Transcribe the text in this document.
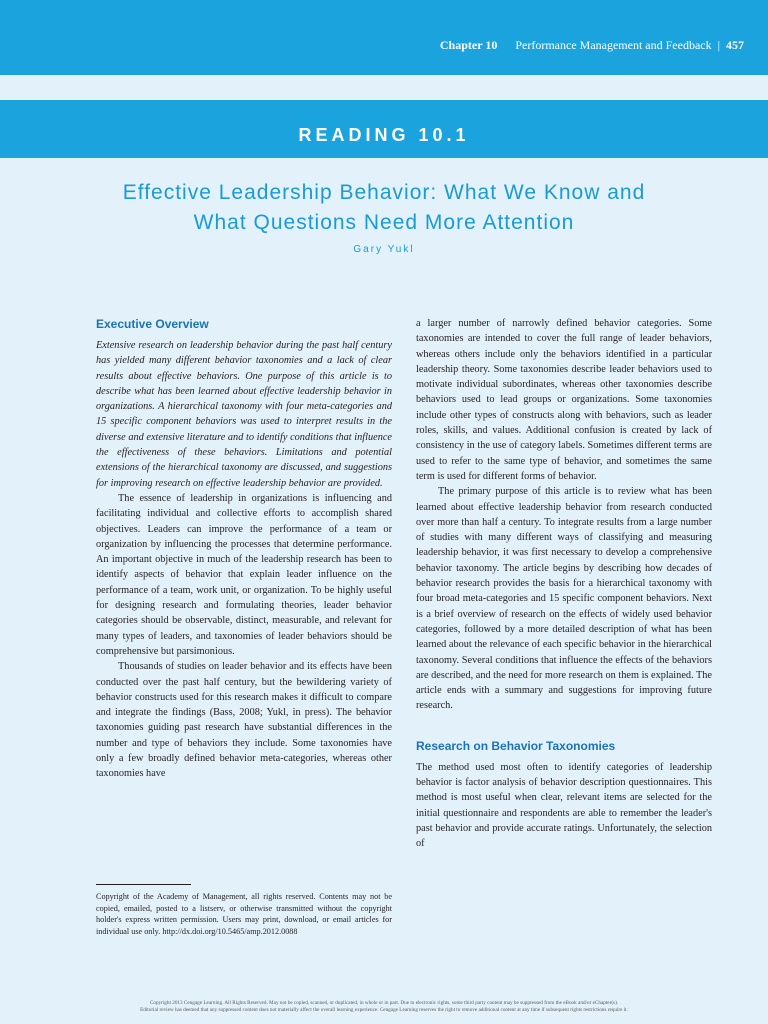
Chapter 10 Performance Management and Feedback | 457
READING 10.1
Effective Leadership Behavior: What We Know and
What Questions Need More Attention
Gary Yukl
Executive Overview

Extensive research on leadership behavior during the past half century has yielded many different behavior taxonomies and a lack of clear results about effective behaviors. One purpose of this article is to describe what has been learned about effective leadership behavior in organizations. A hierarchical taxonomy with four meta-categories and 15 specific component behaviors was used to interpret results in the diverse and extensive literature and to identify conditions that influence the effectiveness of these behaviors. Limitations and potential extensions of the hierarchical taxonomy are discussed, and suggestions for improving research on effective leadership behavior are provided.

The essence of leadership in organizations is influencing and facilitating individual and collective efforts to accomplish shared objectives. Leaders can improve the performance of a team or organization by influencing the processes that determine performance. An important objective in much of the leadership research has been to identify aspects of behavior that explain leader influence on the performance of a team, work unit, or organization. To be highly useful for designing research and formulating theories, leader behavior categories should be observable, distinct, measurable, and relevant for many types of leaders, and taxonomies of leader behaviors should be comprehensive but parsimonious.

Thousands of studies on leader behavior and its effects have been conducted over the past half century, but the bewildering variety of behavior constructs used for this research makes it difficult to compare and integrate the findings (Bass, 2008; Yukl, in press). The behavior taxonomies guiding past research have substantial differences in the number and type of behaviors they include. Some taxonomies have only a few broadly defined behavior meta-categories, whereas other taxonomies have

a larger number of narrowly defined behavior categories. Some taxonomies are intended to cover the full range of leader behaviors, whereas others include only the behaviors identified in a particular leadership theory. Some taxonomies describe leader behaviors used to motivate individual subordinates, whereas other taxonomies describe behaviors used to lead groups or organizations. Some taxonomies include other types of constructs along with behaviors, such as leader roles, skills, and values. Additional confusion is created by lack of consistency in the use of category labels. Sometimes different terms are used to refer to the same type of behavior, and sometimes the same term is used for different forms of behavior.

The primary purpose of this article is to review what has been learned about effective leadership behavior from research conducted over more than half a century. To integrate results from a large number of studies with many different ways of classifying and measuring leadership behavior, it was first necessary to develop a comprehensive behavior taxonomy. The article begins by describing how decades of behavior research provides the basis for a hierarchical taxonomy with four broad meta-categories and 15 specific component behaviors. Next is a brief overview of research on the effects of widely used behavior categories, followed by a more detailed description of what has been learned about the relevance of each specific behavior in the hierarchical taxonomy. Several conditions that influence the effects of the behaviors are described, and the need for more research on them is explained. The article ends with a summary and suggestions for improving future research.

Research on Behavior Taxonomies

The method used most often to identify categories of leadership behavior is factor analysis of behavior description questionnaires. This method is most useful when clear, relevant items are selected for the initial questionnaire and respondents are able to remember the leader's past behavior and provide accurate ratings. Unfortunately, the selection of

Copyright of the Academy of Management, all rights reserved. Contents may not be copied, emailed, posted to a listserv, or otherwise transmitted without the copyright holder's express written permission. Users may print, download, or email articles for individual use only. http://dx.doi.org/10.5465/amp.2012.0088
Copyright 2013 Cengage Learning. All Rights Reserved. May not be copied, scanned, or duplicated, in whole or in part. Due to electronic rights, some third party content may be suppressed from the eBook and/or eChapter(s).
Editorial review has deemed that any suppressed content does not materially affect the overall learning experience. Cengage Learning reserves the right to remove additional content at any time if subsequent rights restrictions require it.
